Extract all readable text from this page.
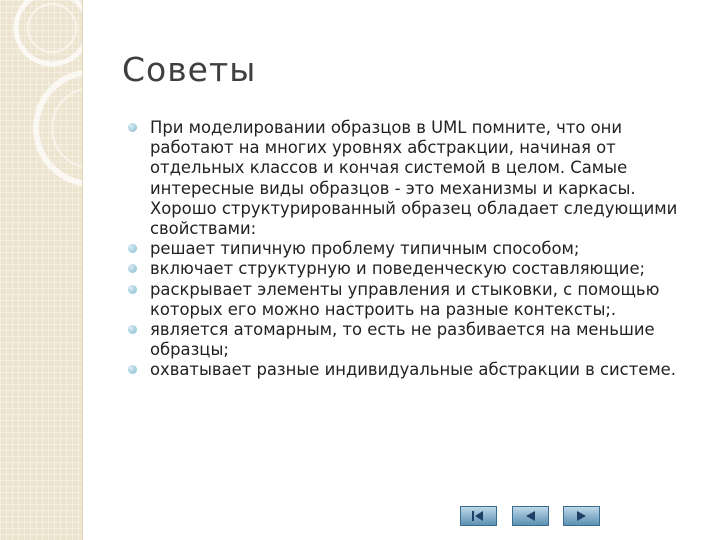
Советы
При моделировании образцов в UML помните, что они работают на многих уровнях абстракции, начиная от отдельных классов и кончая системой в целом. Самые интересные виды образцов - это механизмы и каркасы. Хорошо структурированный образец обладает следующими свойствами:
решает типичную проблему типичным способом;
включает структурную и поведенческую составляющие;
раскрывает элементы управления и стыковки, с помощью которых его можно настроить на разные контексты;.
является атомарным, то есть не разбивается на меньшие образцы;
охватывает разные индивидуальные абстракции в системе.
